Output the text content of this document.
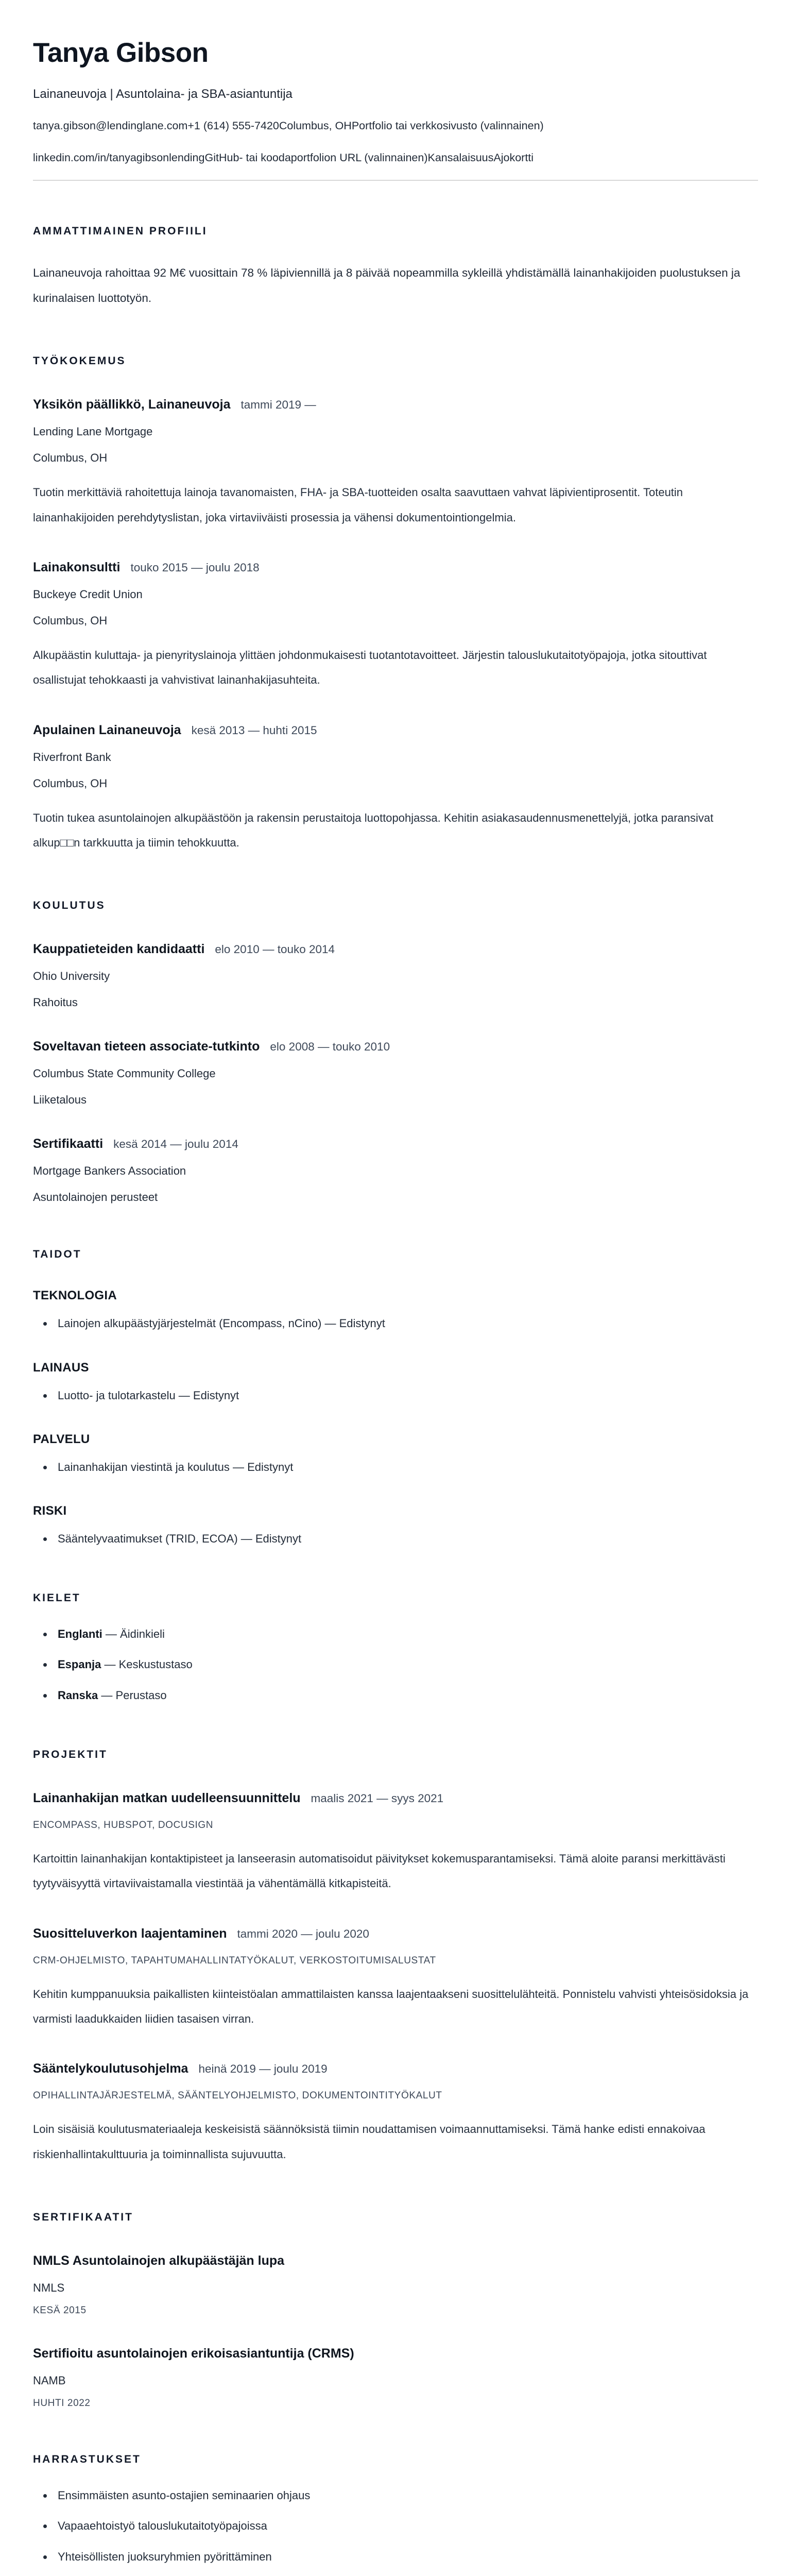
Tanya Gibson
Lainaneuvoja | Asuntolaina- ja SBA-asiantuntija
tanya.gibson@lendinglane.com+1 (614) 555-7420Columbus, OHPortfolio tai verkkosivusto (valinnainen)
linkedin.com/in/tanyagibsonlendingGitHub- tai koodaportfolion URL (valinnainen)KansalaisuusAjokortti
AMMATTIMAINEN PROFIILI

Lainaneuvoja rahoittaa 92 M€ vuosittain 78 % läpiviennillä ja 8 päivää nopeammilla sykleillä yhdistämällä lainanhakijoiden puolustuksen ja kurinalaisen luottotyön.

TYÖKOKEMUS
Yksikön päällikkö, Lainaneuvoja tammi 2019 —
Lending Lane Mortgage
Columbus, OH

Tuotin merkittäviä rahoitettuja lainoja tavanomaisten, FHA- ja SBA-tuotteiden osalta saavuttaen vahvat läpivientiprosentit. Toteutin lainanhakijoiden perehdytyslistan, joka virtaviiväisti prosessia ja vähensi dokumentointiongelmia.

Lainakonsultti touko 2015 — joulu 2018
Buckeye Credit Union
Columbus, OH

Alkupäästin kuluttaja- ja pienyrityslainoja ylittäen johdonmukaisesti tuotantotavoitteet. Järjestin talouslukutaitotyöpajoja, jotka sitouttivat osallistujat tehokkaasti ja vahvistivat lainanhakijasuhteita.

Apulainen Lainaneuvoja kesä 2013 — huhti 2015
Riverfront Bank
Columbus, OH

Tuotin tukea asuntolainojen alkupäästöön ja rakensin perustaitoja luottopohjassa. Kehitin asiakasaudennusmenettelyjä, jotka paransivat alkup□□n tarkkuutta ja tiimin tehokkuutta.

KOULUTUS
Kauppatieteiden kandidaatti elo 2010 — touko 2014
Ohio University
Rahoitus
Soveltavan tieteen associate-tutkinto elo 2008 — touko 2010
Columbus State Community College
Liiketalous
Sertifikaatti kesä 2014 — joulu 2014
Mortgage Bankers Association
Asuntolainojen perusteet
TAIDOT
TEKNOLOGIA
• Lainojen alkupäästyjärjestelmät (Encompass, nCino) — Edistynyt
LAINAUS
• Luotto- ja tulotarkastelu — Edistynyt
PALVELU
• Lainanhakijan viestintä ja koulutus — Edistynyt
RISKI
• Sääntelyvaatimukset (TRID, ECOA) — Edistynyt
KIELET
• Englanti — Äidinkieli
• Espanja — Keskustustaso
• Ranska — Perustaso
PROJEKTIT
Lainanhakijan matkan uudelleensuunnittelu maalis 2021 — syys 2021
ENCOMPASS, HUBSPOT, DOCUSIGN

Kartoittin lainanhakijan kontaktipisteet ja lanseerasin automatisoidut päivitykset kokemusparantamiseksi. Tämä aloite paransi merkittävästi tyytyväisyyttä virtaviivaistamalla viestintää ja vähentämällä kitkapisteitä.

Suositteluverkon laajentaminen tammi 2020 — joulu 2020
CRM-OHJELMISTO, TAPAHTUMAHALLINTATYÖKALUT, VERKOSTOITUMISALUSTAT

Kehitin kumppanuuksia paikallisten kiinteistöalan ammattilaisten kanssa laajentaakseni suosittelulähteitä. Ponnistelu vahvisti yhteisösidoksia ja varmisti laadukkaiden liidien tasaisen virran.

Sääntelykoulutusohjelma heinä 2019 — joulu 2019
OPIHALLINTAJÄRJESTELMÄ, SÄÄNTELYOHJELMISTO, DOKUMENTOINTITYÖKALUT

Loin sisäisiä koulutusmateriaaleja keskeisistä säännöksistä tiimin noudattamisen voimaannuttamiseksi. Tämä hanke edisti ennakoivaa riskienhallintakulttuuria ja toiminnallista sujuvuutta.

SERTIFIKAATIT
NMLS Asuntolainojen alkupäästäjän lupa
NMLS
KESÄ 2015
Sertifioitu asuntolainojen erikoisasiantuntija (CRMS)
NAMB
HUHTI 2022
HARRASTUKSET
• Ensimmäisten asunto-ostajien seminaarien ohjaus
• Vapaaehtoistyö talouslukutaitotyöpajoissa
• Yhteisöllisten juoksuryhmien pyörittäminen
